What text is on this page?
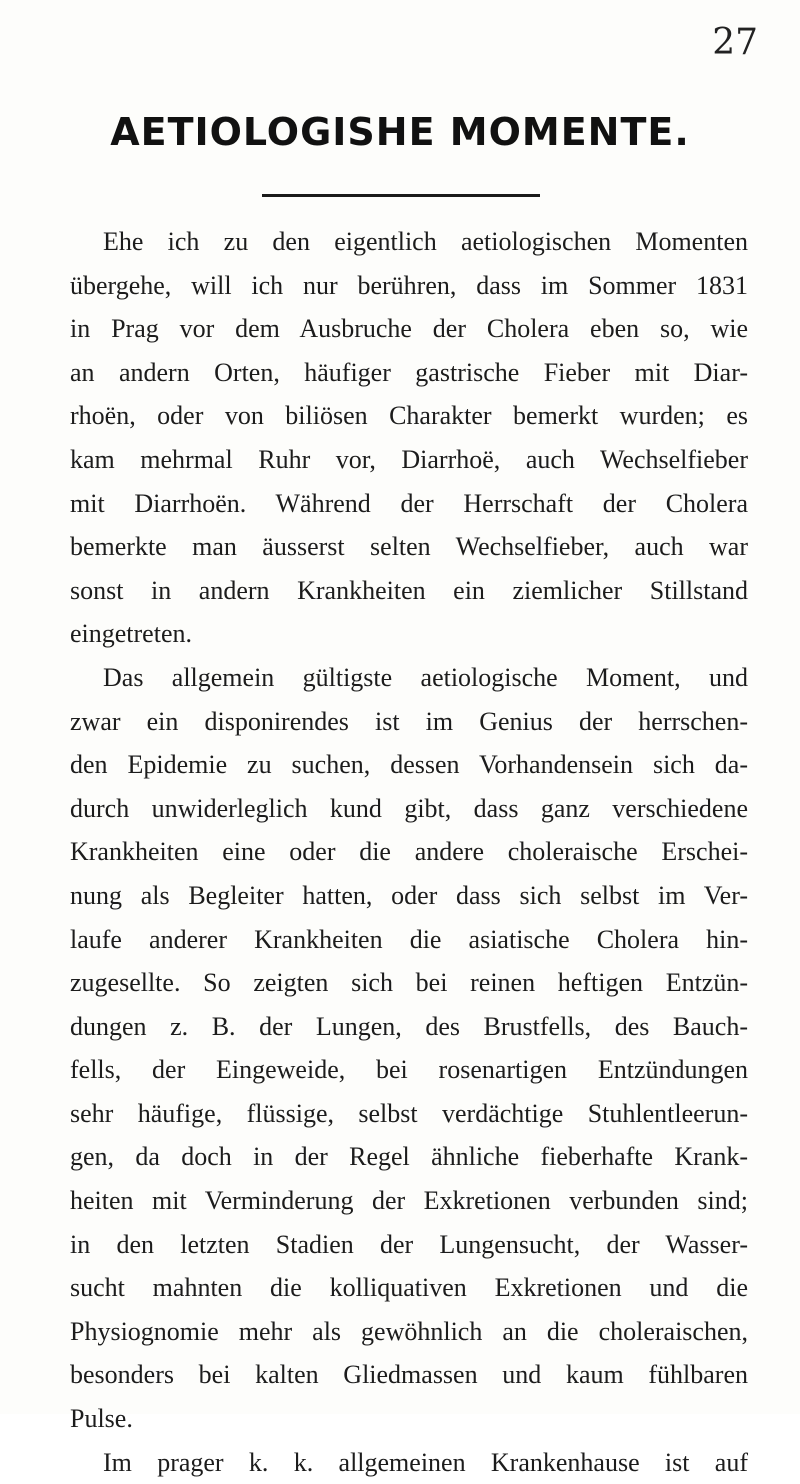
27
AETIOLOGISHE MOMENTE.
Ehe ich zu den eigentlich aetiologischen Momenten
übergehe, will ich nur berühren, dass im Sommer 1831
in Prag vor dem Ausbruche der Cholera eben so, wie
an andern Orten, häufiger gastrische Fieber mit Diar-
rhoën, oder von biliösen Charakter bemerkt wurden; es
kam mehrmal Ruhr vor, Diarrhoë, auch Wechselfieber
mit Diarrhoën. Während der Herrschaft der Cholera
bemerkte man äusserst selten Wechselfieber, auch war
sonst in andern Krankheiten ein ziemlicher Stillstand
eingetreten.
Das allgemein gültigste aetiologische Moment, und
zwar ein disponirendes ist im Genius der herrschen-
den Epidemie zu suchen, dessen Vorhandensein sich da-
durch unwiderleglich kund gibt, dass ganz verschiedene
Krankheiten eine oder die andere choleraische Erschei-
nung als Begleiter hatten, oder dass sich selbst im Ver-
laufe anderer Krankheiten die asiatische Cholera hin-
zugesellte. So zeigten sich bei reinen heftigen Entzün-
dungen z. B. der Lungen, des Brustfells, des Bauch-
fells, der Eingeweide, bei rosenartigen Entzündungen
sehr häufige, flüssige, selbst verdächtige Stuhlentleerun-
gen, da doch in der Regel ähnliche fieberhafte Krank-
heiten mit Verminderung der Exkretionen verbunden sind;
in den letzten Stadien der Lungensucht, der Wasser-
sucht mahnten die kolliquativen Exkretionen und die
Physiognomie mehr als gewöhnlich an die choleraischen,
besonders bei kalten Gliedmassen und kaum fühlbaren
Pulse.
Im prager k. k. allgemeinen Krankenhause ist auf
